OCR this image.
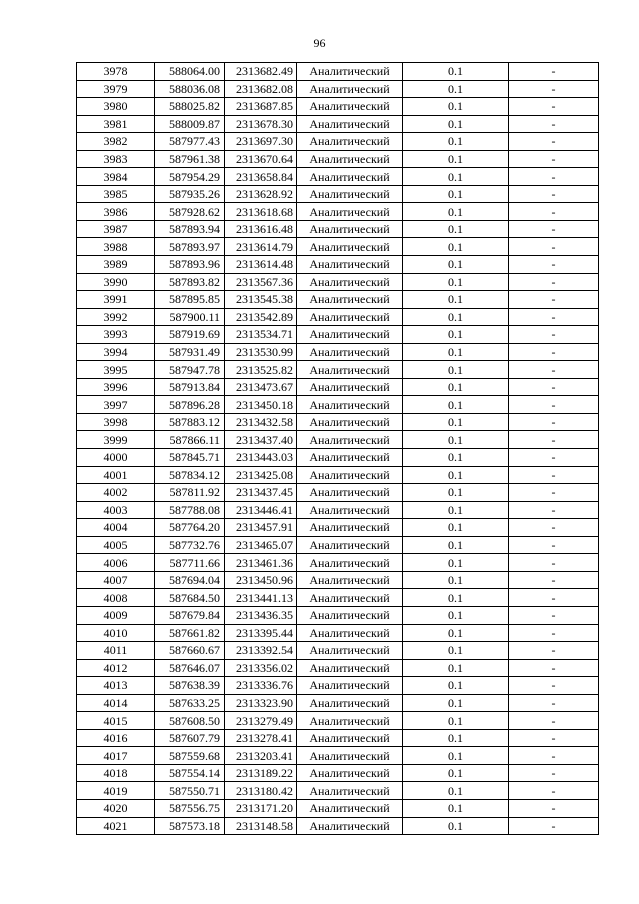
96
3978	588064.00	2313682.49	Аналитический	0.1	-
3979	588036.08	2313682.08	Аналитический	0.1	-
3980	588025.82	2313687.85	Аналитический	0.1	-
3981	588009.87	2313678.30	Аналитический	0.1	-
3982	587977.43	2313697.30	Аналитический	0.1	-
3983	587961.38	2313670.64	Аналитический	0.1	-
3984	587954.29	2313658.84	Аналитический	0.1	-
3985	587935.26	2313628.92	Аналитический	0.1	-
3986	587928.62	2313618.68	Аналитический	0.1	-
3987	587893.94	2313616.48	Аналитический	0.1	-
3988	587893.97	2313614.79	Аналитический	0.1	-
3989	587893.96	2313614.48	Аналитический	0.1	-
3990	587893.82	2313567.36	Аналитический	0.1	-
3991	587895.85	2313545.38	Аналитический	0.1	-
3992	587900.11	2313542.89	Аналитический	0.1	-
3993	587919.69	2313534.71	Аналитический	0.1	-
3994	587931.49	2313530.99	Аналитический	0.1	-
3995	587947.78	2313525.82	Аналитический	0.1	-
3996	587913.84	2313473.67	Аналитический	0.1	-
3997	587896.28	2313450.18	Аналитический	0.1	-
3998	587883.12	2313432.58	Аналитический	0.1	-
3999	587866.11	2313437.40	Аналитический	0.1	-
4000	587845.71	2313443.03	Аналитический	0.1	-
4001	587834.12	2313425.08	Аналитический	0.1	-
4002	587811.92	2313437.45	Аналитический	0.1	-
4003	587788.08	2313446.41	Аналитический	0.1	-
4004	587764.20	2313457.91	Аналитический	0.1	-
4005	587732.76	2313465.07	Аналитический	0.1	-
4006	587711.66	2313461.36	Аналитический	0.1	-
4007	587694.04	2313450.96	Аналитический	0.1	-
4008	587684.50	2313441.13	Аналитический	0.1	-
4009	587679.84	2313436.35	Аналитический	0.1	-
4010	587661.82	2313395.44	Аналитический	0.1	-
4011	587660.67	2313392.54	Аналитический	0.1	-
4012	587646.07	2313356.02	Аналитический	0.1	-
4013	587638.39	2313336.76	Аналитический	0.1	-
4014	587633.25	2313323.90	Аналитический	0.1	-
4015	587608.50	2313279.49	Аналитический	0.1	-
4016	587607.79	2313278.41	Аналитический	0.1	-
4017	587559.68	2313203.41	Аналитический	0.1	-
4018	587554.14	2313189.22	Аналитический	0.1	-
4019	587550.71	2313180.42	Аналитический	0.1	-
4020	587556.75	2313171.20	Аналитический	0.1	-
4021	587573.18	2313148.58	Аналитический	0.1	-
